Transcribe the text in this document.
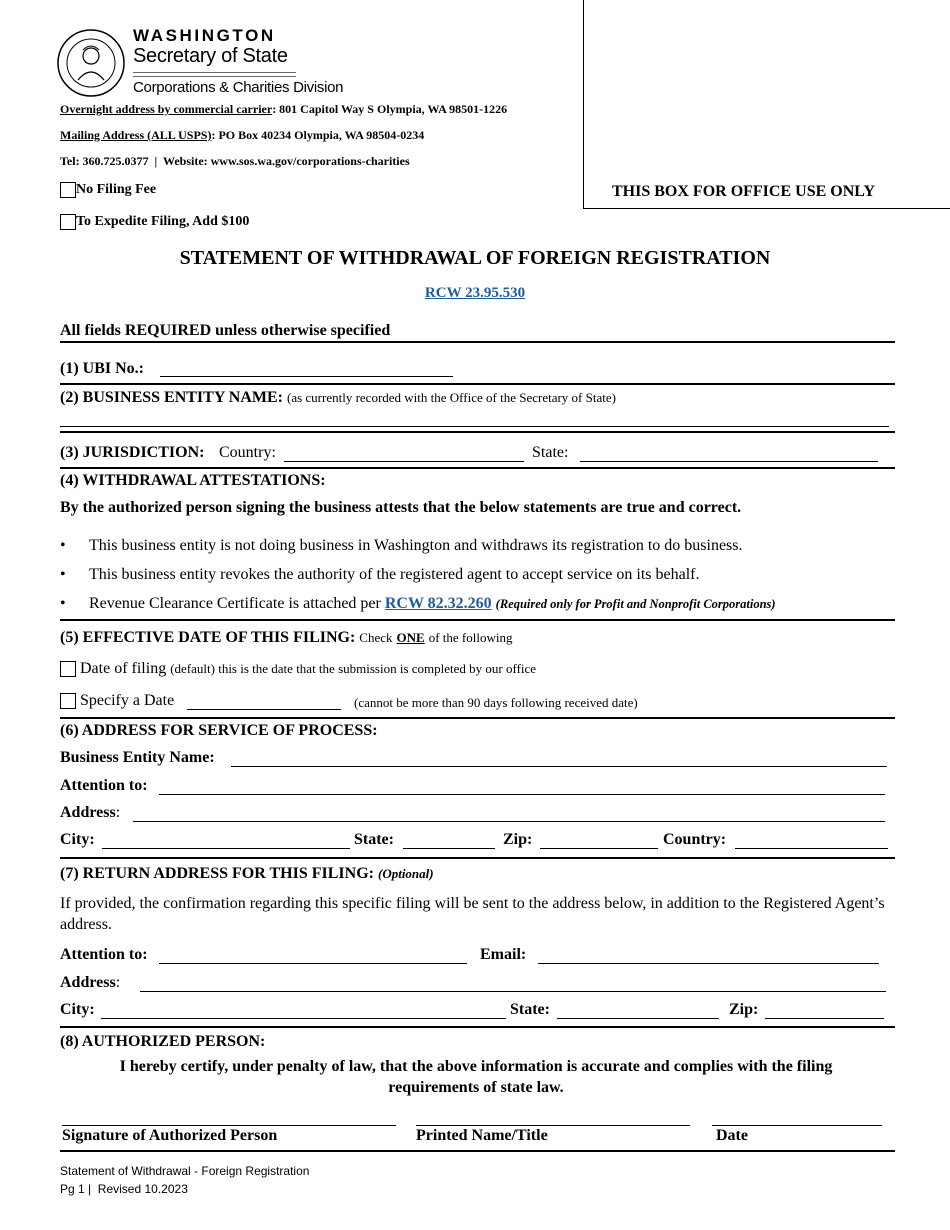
WASHINGTON
Secretary of State
Corporations & Charities Division
Overnight address by commercial carrier: 801 Capitol Way S Olympia, WA 98501-1226
Mailing Address (ALL USPS): PO Box 40234 Olympia, WA 98504-0234
Tel: 360.725.0377  |  Website: www.sos.wa.gov/corporations-charities
No Filing Fee
To Expedite Filing, Add $100
THIS BOX FOR OFFICE USE ONLY
STATEMENT OF WITHDRAWAL OF FOREIGN REGISTRATION
RCW 23.95.530
All fields REQUIRED unless otherwise specified
(1) UBI No.:
(2) BUSINESS ENTITY NAME: (as currently recorded with the Office of the Secretary of State)
(3) JURISDICTION: Country:	State:
(4) WITHDRAWAL ATTESTATIONS:
By the authorized person signing the business attests that the below statements are true and correct.
•	This business entity is not doing business in Washington and withdraws its registration to do business.
•	This business entity revokes the authority of the registered agent to accept service on its behalf.
•	Revenue Clearance Certificate is attached per RCW 82.32.260 (Required only for Profit and Nonprofit Corporations)
(5) EFFECTIVE DATE OF THIS FILING: Check ONE of the following
Date of filing (default) this is the date that the submission is completed by our office
Specify a Date	(cannot be more than 90 days following received date)
(6) ADDRESS FOR SERVICE OF PROCESS:
Business Entity Name:
Attention to:
Address:
City:	State:	Zip:	Country:
(7) RETURN ADDRESS FOR THIS FILING: (Optional)
If provided, the confirmation regarding this specific filing will be sent to the address below, in addition to the Registered Agent’s address.
Attention to:	Email:
Address:
City:	State:	Zip:
(8) AUTHORIZED PERSON:
I hereby certify, under penalty of law, that the above information is accurate and complies with the filing requirements of state law.
Signature of Authorized Person	Printed Name/Title	Date
Statement of Withdrawal - Foreign Registration
Pg 1 |  Revised 10.2023
